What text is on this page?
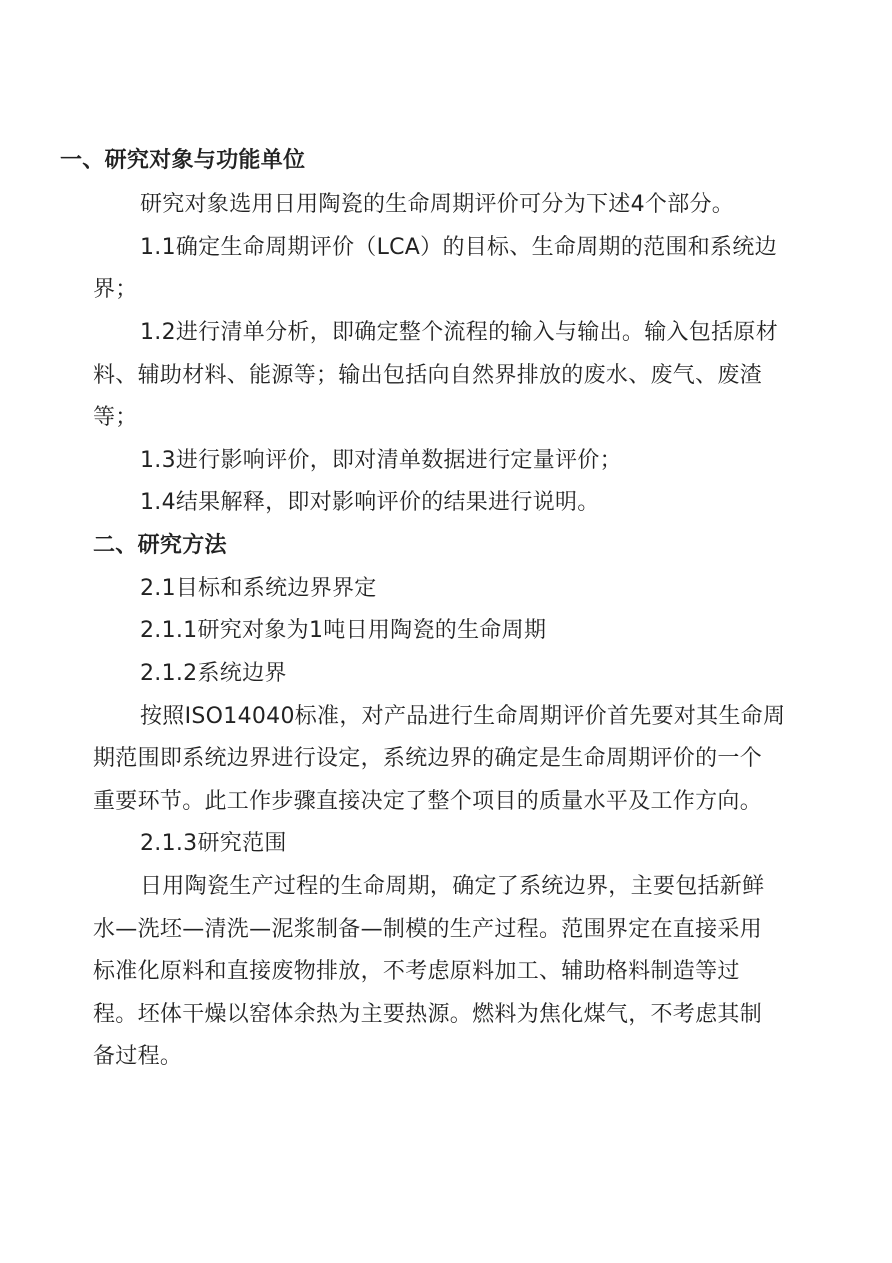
一、研究对象与功能单位

研究对象选用日用陶瓷的生命周期评价可分为下述4个部分。

1.1确定生命周期评价（LCA）的目标、生命周期的范围和系统边

界；

1.2进行清单分析，即确定整个流程的输入与输出。输入包括原材

料、辅助材料、能源等；输出包括向自然界排放的废水、废气、废渣

等；

1.3进行影响评价，即对清单数据进行定量评价；

1.4结果解释，即对影响评价的结果进行说明。

二、研究方法

2.1目标和系统边界界定

2.1.1研究对象为1吨日用陶瓷的生命周期

2.1.2系统边界

按照ISO14040标准，对产品进行生命周期评价首先要对其生命周

期范围即系统边界进行设定，系统边界的确定是生命周期评价的一个

重要环节。此工作步骤直接决定了整个项目的质量水平及工作方向。

2.1.3研究范围

日用陶瓷生产过程的生命周期，确定了系统边界，主要包括新鲜

水—洗坯—清洗—泥浆制备—制模的生产过程。范围界定在直接采用

标准化原料和直接废物排放，不考虑原料加工、辅助格料制造等过

程。坯体干燥以窑体余热为主要热源。燃料为焦化煤气，不考虑其制

备过程。
